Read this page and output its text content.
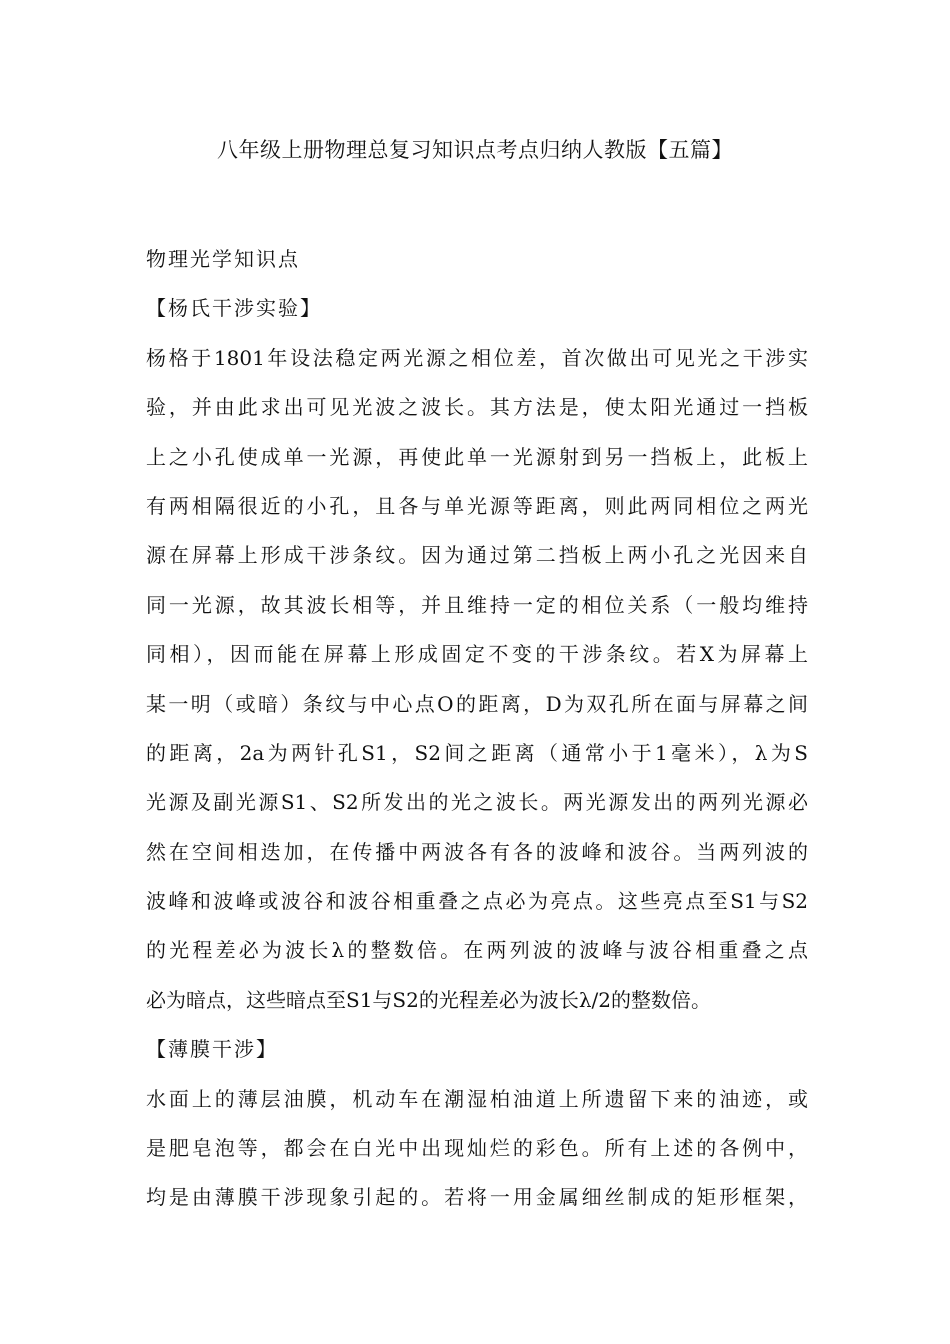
八年级上册物理总复习知识点考点归纳人教版【五篇】
物理光学知识点
【杨氏干涉实验】
杨格于1801年设法稳定两光源之相位差，首次做出可见光之干涉实
验，并由此求出可见光波之波长。其方法是，使太阳光通过一挡板
上之小孔使成单一光源，再使此单一光源射到另一挡板上，此板上
有两相隔很近的小孔，且各与单光源等距离，则此两同相位之两光
源在屏幕上形成干涉条纹。因为通过第二挡板上两小孔之光因来自
同一光源，故其波长相等，并且维持一定的相位关系（一般均维持
同相），因而能在屏幕上形成固定不变的干涉条纹。若X为屏幕上
某一明（或暗）条纹与中心点O的距离，D为双孔所在面与屏幕之间
的距离，2a为两针孔S1，S2间之距离（通常小于1毫米），λ为S
光源及副光源S1、S2所发出的光之波长。两光源发出的两列光源必
然在空间相迭加，在传播中两波各有各的波峰和波谷。当两列波的
波峰和波峰或波谷和波谷相重叠之点必为亮点。这些亮点至S1与S2
的光程差必为波长λ的整数倍。在两列波的波峰与波谷相重叠之点
必为暗点，这些暗点至S1与S2的光程差必为波长λ/2的整数倍。
【薄膜干涉】
水面上的薄层油膜，机动车在潮湿柏油道上所遗留下来的油迹，或
是肥皂泡等，都会在白光中出现灿烂的彩色。所有上述的各例中，
均是由薄膜干涉现象引起的。若将一用金属细丝制成的矩形框架，
